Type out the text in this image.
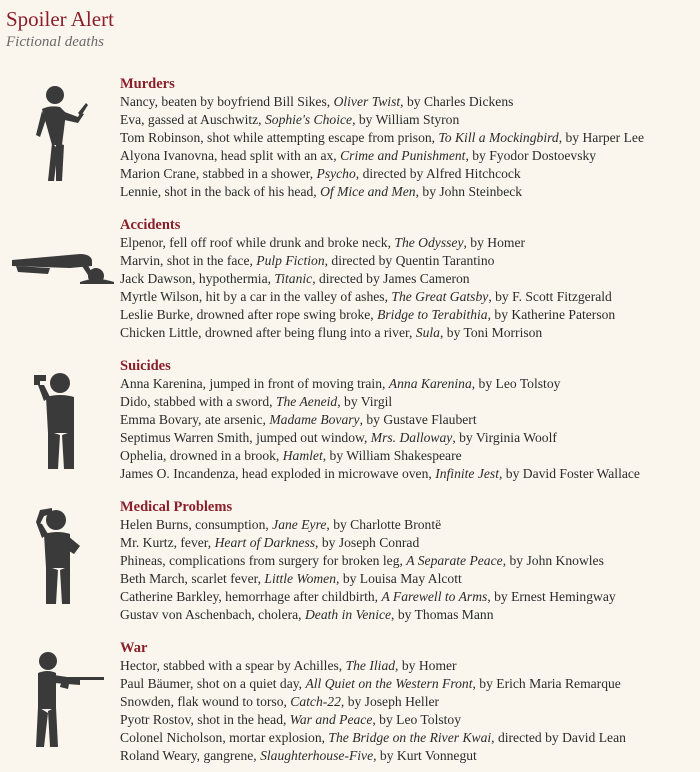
Spoiler Alert
Fictional deaths
Murders
Nancy, beaten by boyfriend Bill Sikes, Oliver Twist, by Charles Dickens
Eva, gassed at Auschwitz, Sophie's Choice, by William Styron
Tom Robinson, shot while attempting escape from prison, To Kill a Mockingbird, by Harper Lee
Alyona Ivanovna, head split with an ax, Crime and Punishment, by Fyodor Dostoevsky
Marion Crane, stabbed in a shower, Psycho, directed by Alfred Hitchcock
Lennie, shot in the back of his head, Of Mice and Men, by John Steinbeck
Accidents
Elpenor, fell off roof while drunk and broke neck, The Odyssey, by Homer
Marvin, shot in the face, Pulp Fiction, directed by Quentin Tarantino
Jack Dawson, hypothermia, Titanic, directed by James Cameron
Myrtle Wilson, hit by a car in the valley of ashes, The Great Gatsby, by F. Scott Fitzgerald
Leslie Burke, drowned after rope swing broke, Bridge to Terabithia, by Katherine Paterson
Chicken Little, drowned after being flung into a river, Sula, by Toni Morrison
Suicides
Anna Karenina, jumped in front of moving train, Anna Karenina, by Leo Tolstoy
Dido, stabbed with a sword, The Aeneid, by Virgil
Emma Bovary, ate arsenic, Madame Bovary, by Gustave Flaubert
Septimus Warren Smith, jumped out window, Mrs. Dalloway, by Virginia Woolf
Ophelia, drowned in a brook, Hamlet, by William Shakespeare
James O. Incandenza, head exploded in microwave oven, Infinite Jest, by David Foster Wallace
Medical Problems
Helen Burns, consumption, Jane Eyre, by Charlotte Brontë
Mr. Kurtz, fever, Heart of Darkness, by Joseph Conrad
Phineas, complications from surgery for broken leg, A Separate Peace, by John Knowles
Beth March, scarlet fever, Little Women, by Louisa May Alcott
Catherine Barkley, hemorrhage after childbirth, A Farewell to Arms, by Ernest Hemingway
Gustav von Aschenbach, cholera, Death in Venice, by Thomas Mann
War
Hector, stabbed with a spear by Achilles, The Iliad, by Homer
Paul Bäumer, shot on a quiet day, All Quiet on the Western Front, by Erich Maria Remarque
Snowden, flak wound to torso, Catch-22, by Joseph Heller
Pyotr Rostov, shot in the head, War and Peace, by Leo Tolstoy
Colonel Nicholson, mortar explosion, The Bridge on the River Kwai, directed by David Lean
Roland Weary, gangrene, Slaughterhouse-Five, by Kurt Vonnegut
